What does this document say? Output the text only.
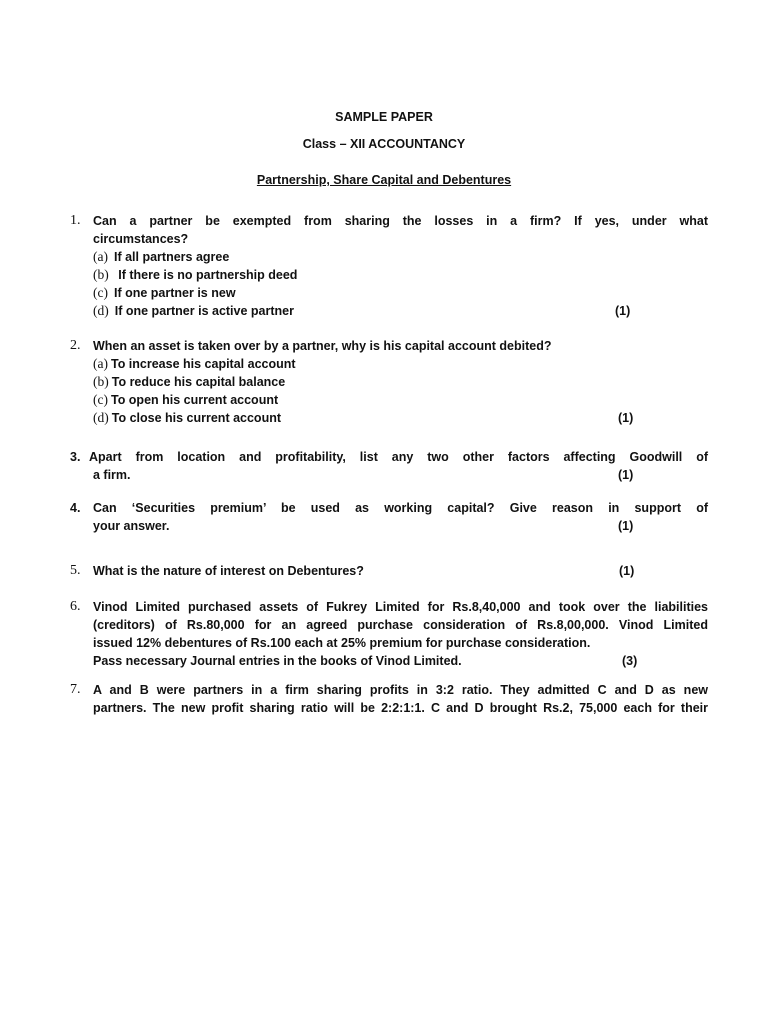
SAMPLE PAPER
Class – XII ACCOUNTANCY
Partnership, Share Capital and Debentures
1.	Can a partner be exempted from sharing the losses in a firm? If yes, under what
circumstances?
(a) If all partners agree
(b) If there is no partnership deed
(c) If one partner is new
(d) If one partner is active partner	(1)
2.	When an asset is taken over by a partner, why is his capital account debited?
(a) To increase his capital account
(b) To reduce his capital balance
(c) To open his current account
(d) To close his current account	(1)
3. Apart from location and profitability, list any two other factors affecting Goodwill of
a firm.	(1)
4.	Can ‘Securities premium’ be used as working capital? Give reason in support of
your answer.	(1)
5.	What is the nature of interest on Debentures?	(1)
6.	Vinod Limited purchased assets of Fukrey Limited for Rs.8,40,000 and took over the liabilities
(creditors) of Rs.80,000 for an agreed purchase consideration of Rs.8,00,000. Vinod Limited
issued 12% debentures of Rs.100 each at 25% premium for purchase consideration.
Pass necessary Journal entries in the books of Vinod Limited.	(3)
7.	A and B were partners in a firm sharing profits in 3:2 ratio. They admitted C and D as new
partners. The new profit sharing ratio will be 2:2:1:1. C and D brought Rs.2, 75,000 each for their
